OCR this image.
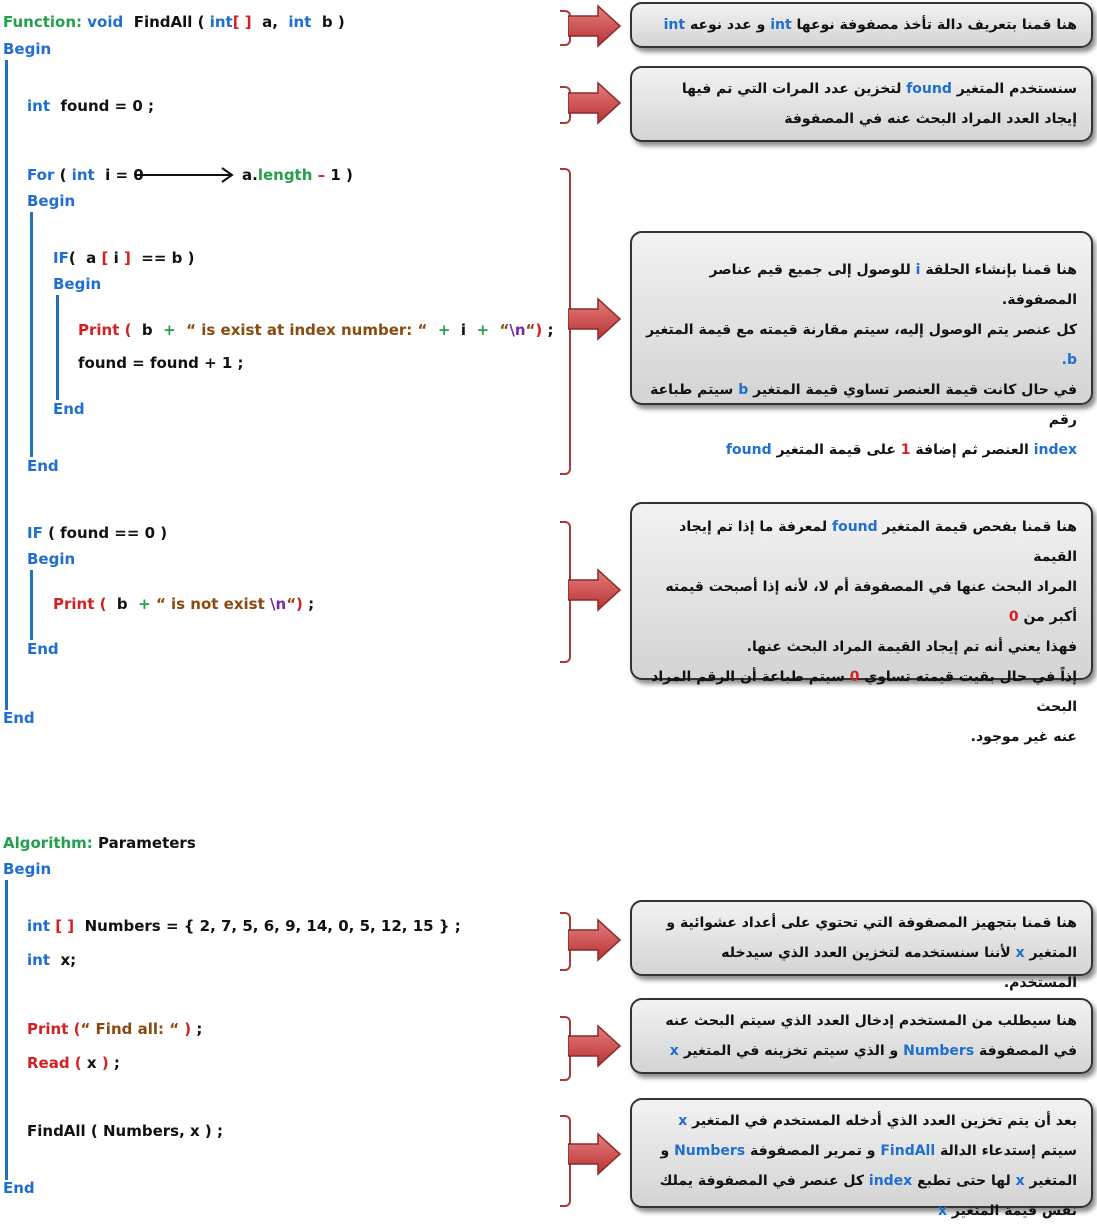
Function: void FindAll ( int[ ] a, int b )
Begin
int found = 0 ;
For ( int i = 0	a.length – 1 )
Begin
IF( a [ i ] == b )
Begin
Print ( b + “ is exist at index number: “ + i + “\n“) ;
found = found + 1 ;
End
End
IF ( found == 0 )
Begin
Print ( b + “ is not exist \n“) ;
End
End
Algorithm: Parameters
Begin
int [ ] Numbers = { 2, 7, 5, 6, 9, 14, 0, 5, 12, 15 } ;
int x;
Print (“ Find all: “ ) ;
Read ( x ) ;
FindAll ( Numbers, x ) ;
End
هنا قمنا بتعريف دالة تأخذ مصفوفة نوعها int و عدد نوعه int
سنستخدم المتغير found لتخزين عدد المرات التي تم فيها إيجاد العدد المراد البحث عنه في المصفوفة
هنا قمنا بإنشاء الحلقة i للوصول إلى جميع قيم عناصر المصفوفة.
كل عنصر يتم الوصول إليه، سيتم مقارنة قيمته مع قيمة المتغير b.
في حال كانت قيمة العنصر تساوي قيمة المتغير b سيتم طباعة رقم
index العنصر ثم إضافة 1 على قيمة المتغير found
هنا قمنا بفحص قيمة المتغير found لمعرفة ما إذا تم إيجاد القيمة
المراد البحث عنها في المصفوفة أم لا، لأنه إذا أصبحت قيمته أكبر من 0
فهذا يعني أنه تم إيجاد القيمة المراد البحث عنها.
إذاً في حال بقيت قيمته تساوي 0 سيتم طباعة أن الرقم المراد البحث
عنه غير موجود.
هنا قمنا بتجهيز المصفوفة التي تحتوي على أعداد عشوائية و المتغير x لأننا سنستخدمه لتخزين العدد الذي سيدخله المستخدم.
هنا سيطلب من المستخدم إدخال العدد الذي سيتم البحث عنه في المصفوفة Numbers و الذي سيتم تخزينه في المتغير x
بعد أن يتم تخزين العدد الذي أدخله المستخدم في المتغير x سيتم إستدعاء الدالة FindAll و تمرير المصفوفة Numbers و المتغير x لها حتى تطبع index كل عنصر في المصفوفة يملك نفس قيمة المتغير x
